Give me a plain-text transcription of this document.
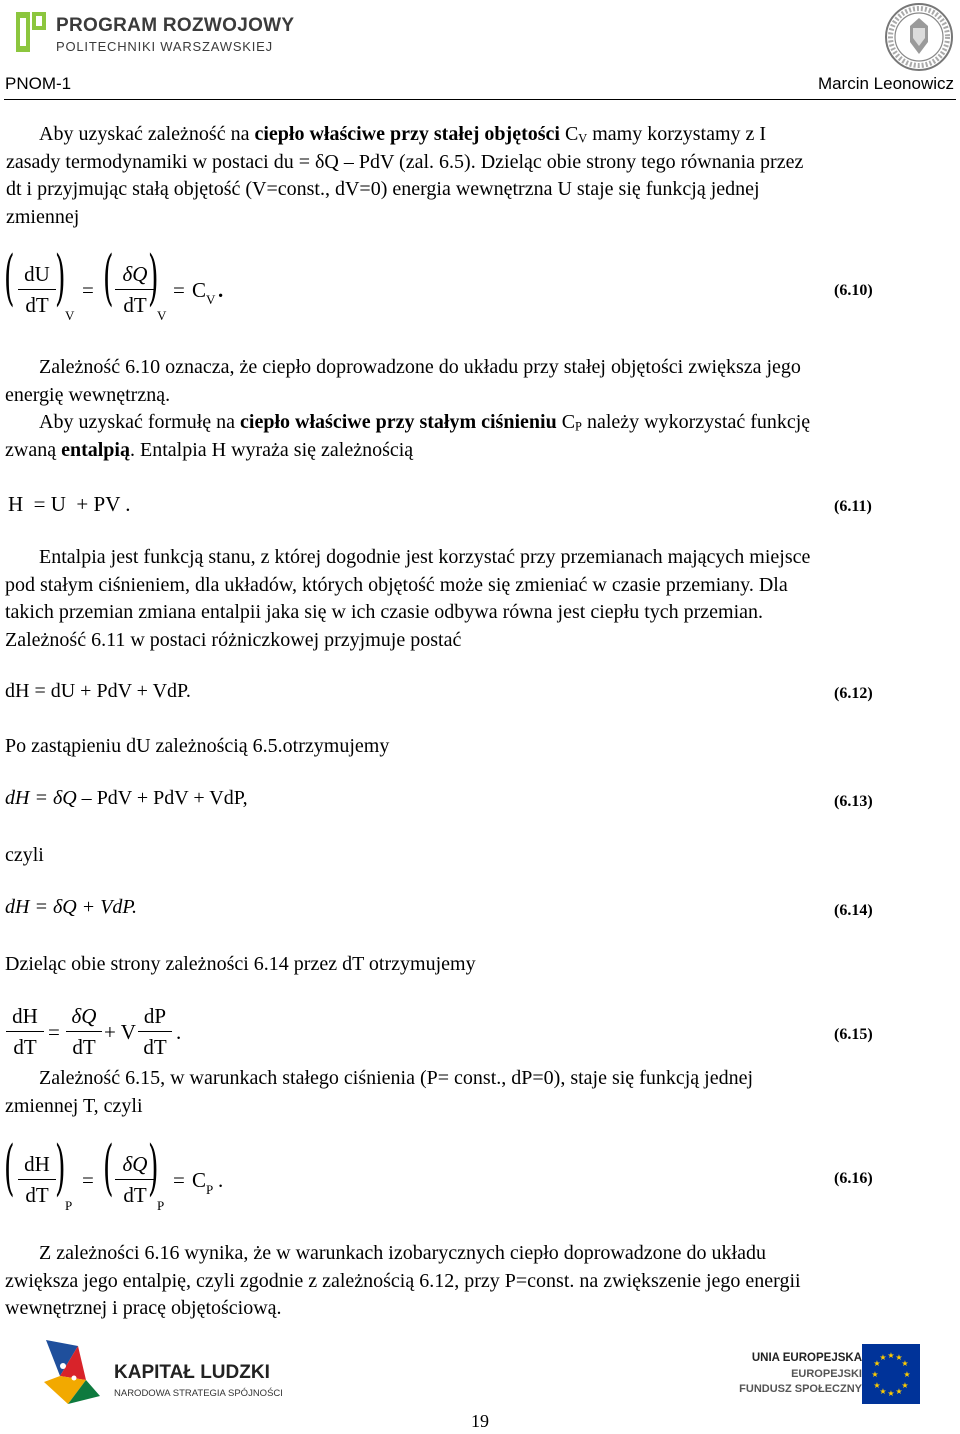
PROGRAM ROZWOJOWY
POLITECHNIKI WARSZAWSKIEJ
PNOM-1	Marcin Leonowicz
Aby uzyskać zależność na ciepło właściwe przy stałej objętości $C_V$ mamy korzystamy z I
zasady termodynamiki w postaci du = δQ – PdV (zal. 6.5). Dzieląc obie strony tego równania przez
dt i przyjmując stałą objętość (V=const., dV=0) energia wewnętrzna U staje się funkcją jednej
zmiennej
( dU
dT )
V
= ( δQ
dT )
V
= C V .	(6.10)
Zależność 6.10 oznacza, że ciepło doprowadzone do układu przy stałej objętości zwiększa jego
energię wewnętrzną.
Aby uzyskać formułę na ciepło właściwe przy stałym ciśnieniu $C_P$ należy wykorzystać funkcję
zwaną entalpią. Entalpia H wyraża się zależnością
H  = U  + PV .	(6.11)
Entalpia jest funkcją stanu, z której dogodnie jest korzystać przy przemianach mających miejsce
pod stałym ciśnieniem, dla układów, których objętość może się zmieniać w czasie przemiany. Dla
takich przemian zmiana entalpii jaka się w ich czasie odbywa równa jest ciepłu tych przemian.
Zależność 6.11 w postaci różniczkowej przyjmuje postać
dH = dU + PdV + VdP.	(6.12)
Po zastąpieniu dU zależnością 6.5.otrzymujemy
dH = δQ – PdV + PdV + VdP,	(6.13)
czyli
dH = δQ + VdP.	(6.14)
Dzieląc obie strony zależności 6.14 przez dT otrzymujemy
dH
dT
=
δQ
dT
+ V
dP
dT
.	(6.15)
Zależność 6.15, w warunkach stałego ciśnienia (P= const., dP=0), staje się funkcją jednej
zmiennej T, czyli
( dH
dT )
P
= ( δQ
dT )
P
= C P .	(6.16)
Z zależności 6.16 wynika, że w warunkach izobarycznych ciepło doprowadzone do układu
zwiększa jego entalpię, czyli zgodnie z zależnością 6.12, przy P=const. na zwiększenie jego energii
wewnętrznej i pracę objętościową.
KAPITAŁ LUDZKI
NARODOWA STRATEGIA SPÓJNOŚCI
UNIA EUROPEJSKA
EUROPEJSKI
FUNDUSZ SPOŁECZNY
★ ★
★
★
★
★
★
★
★
★
★
★
19
